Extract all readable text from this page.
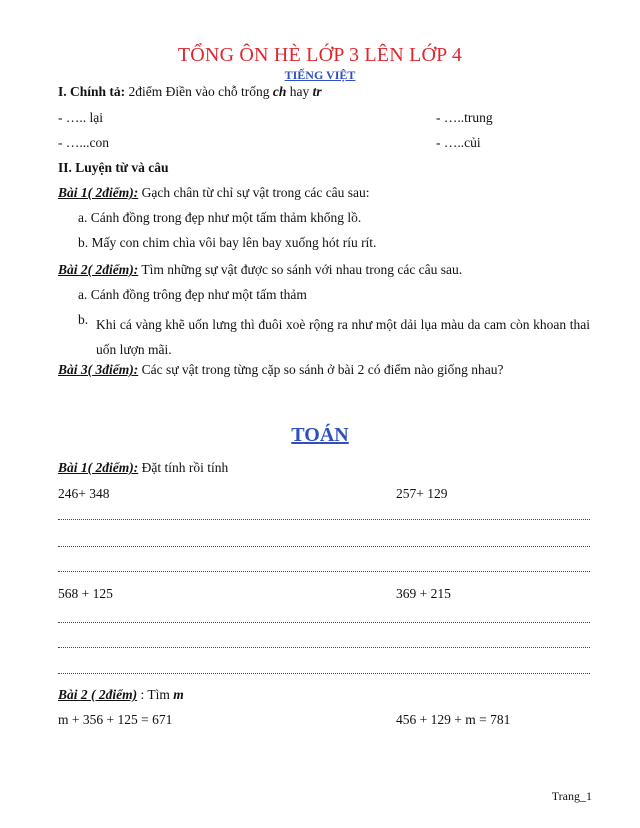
TỔNG ÔN HÈ LỚP 3 LÊN LỚP 4
TIẾNG VIỆT
I. Chính tả: 2điểm Điền vào chỗ trống ch hay tr
- ….. lại	- …..trung
- …...con	- …..củi
II. Luyện từ và câu
Bài 1( 2điểm): Gạch chân từ chỉ sự vật trong các câu sau:
a. Cánh đồng trong đẹp như một tấm thảm khổng lồ.
b. Mấy con chim chìa vôi bay lên bay xuống hót ríu rít.
Bài 2( 2điểm): Tìm những sự vật được so sánh với nhau trong các câu sau.
a. Cánh đồng trông đẹp như một tấm thảm
b. Khi cá vàng khẽ uốn lưng thì đuôi xoè rộng ra như một dải lụa màu da cam còn khoan thai uốn lượn mãi.
Bài 3( 3điểm): Các sự vật trong từng cặp so sánh ở bài 2 có điểm nào giống nhau?
TOÁN
Bài 1( 2điểm): Đặt tính rồi tính
246+ 348	257+ 129
568 + 125	369 + 215
Bài 2 ( 2điểm) : Tìm m
m + 356 + 125 = 671	456 + 129 + m = 781
Trang_1
